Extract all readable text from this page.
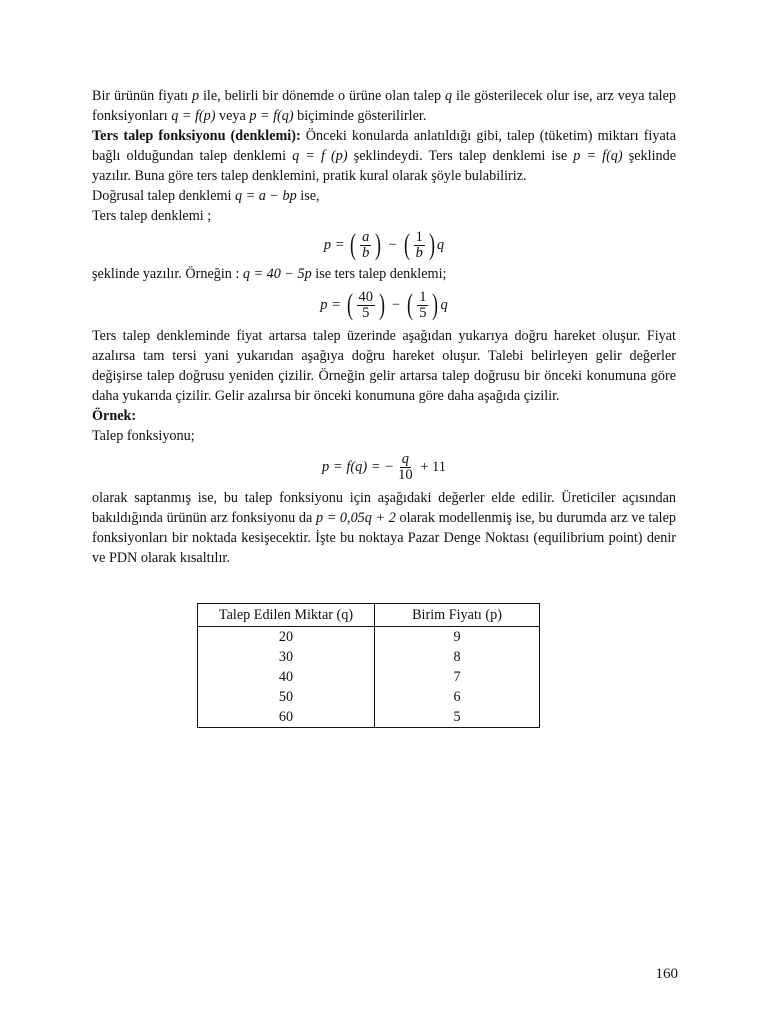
Bir ürünün fiyatı p ile, belirli bir dönemde o ürüne olan talep q ile gösterilecek olur ise, arz veya talep fonksiyonları q = f(p) veya p = f(q) biçiminde gösterilirler.

Ters talep fonksiyonu (denklemi): Önceki konularda anlatıldığı gibi, talep (tüketim) miktarı fiyata bağlı olduğundan talep denklemi q = f (p) şeklindeydi. Ters talep denklemi ise p = f(q) şeklinde yazılır. Buna göre ters talep denklemini, pratik kural olarak şöyle bulabiliriz.

Doğrusal talep denklemi q = a − bp ise,

Ters talep denklemi ;

p =
( $\frac{a}{b}$ ) − ( $\frac{1}{b}$ ) q

şeklinde yazılır. Örneğin : q = 40 − 5p ise ters talep denklemi;

p =
( $\frac{40}{5}$ ) − ( $\frac{1}{5}$ ) q

Ters talep denkleminde fiyat artarsa talep üzerinde aşağıdan yukarıya doğru hareket oluşur. Fiyat azalırsa tam tersi yani yukarıdan aşağıya doğru hareket oluşur. Talebi belirleyen gelir değerler değişirse talep doğrusu yeniden çizilir. Örneğin gelir artarsa talep doğrusu bir önceki konumuna göre daha yukarıda çizilir. Gelir azalırsa bir önceki konumuna göre daha aşağıda çizilir.

Örnek:

Talep fonksiyonu;

p = f(q) = − $\frac{q}{10}$
+ 11

olarak saptanmış ise, bu talep fonksiyonu için aşağıdaki değerler elde edilir. Üreticiler açısından bakıldığında ürünün arz fonksiyonu da p = 0,05q + 2 olarak modellenmiş ise, bu durumda arz ve talep fonksiyonları bir noktada kesişecektir. İşte bu noktaya Pazar Denge Noktası (equilibrium point) denir ve PDN olarak kısaltılır.

Talep Edilen Miktar (q)	Birim Fiyatı (p)
20	9
30	8
40	7
50	6
60	5
160
